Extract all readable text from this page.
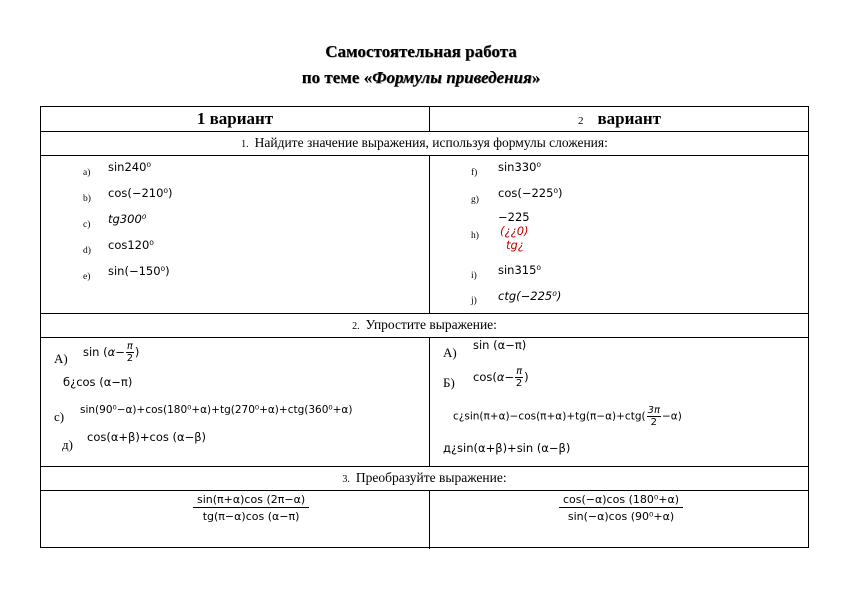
Самостоятельная работа
по теме «Формулы приведения»
1 вариант	2 вариант
1. Найдите значение выражения, используя формулы сложения:
a) sin240⁰
b) cos(−210⁰)
c) tg300⁰
d) cos120⁰
e) sin(−150⁰)
f) sin330⁰
g) cos(−225⁰)
h)
−225
(¿¿0)
tg¿
i) sin315⁰
j) ctg(−225⁰)
2. Упростите выражение:
А) $\sin (\alpha- \frac{\pi}{2}$ )
б¿cos (α−π)
с) sin(90⁰−α)+cos(180⁰+α)+tg(270⁰+α)+ctg(360⁰+α)
д) cos(α+β)+cos (α−β)
А) sin (α−π)
Б) $\cos(\alpha- \frac{\pi}{2}$ )
c¿sin(π+α)−cos(π+α)+tg(π−α)+ctg( $\frac{3\pi}{2} -\alpha$)
д¿sin(α+β)+sin (α−β)
3. Преобразуйте выражение:
$\frac{\sin(\pi+\alpha)\cos (2\pi-\alpha)}{tg(\pi-\alpha)\cos (\alpha-\pi)}$	$\frac{\text{cos(−α)cos (180⁰+α)}}{\text{sin(−α)cos (90⁰+α)}}$
